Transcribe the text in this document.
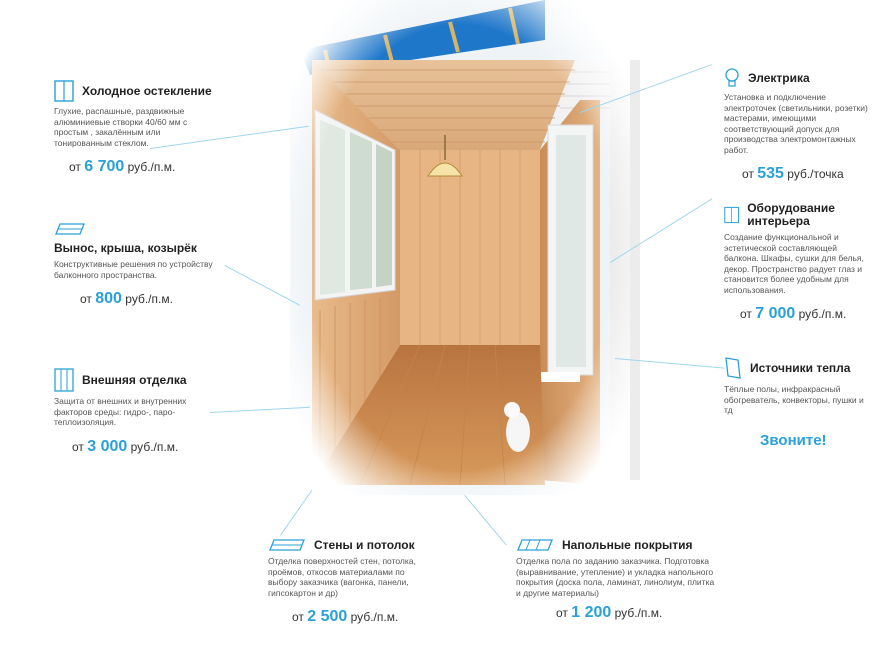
Холодное остекление
Глухие, распашные, раздвижные алюминиевые створки 40/60 мм с простым , закалённым или тонированным стеклом.
от 6 700 руб./п.м.
Вынос, крыша, козырёк
Конструктивные решения по устройству балконного пространства.
от 800 руб./п.м.
Внешняя отделка
Защита от внешних и внутренних факторов среды: гидро-, паро-теплоизоляция.
от 3 000 руб./п.м.
Стены и потолок
Отделка поверхностей стен, потолка, проёмов, откосов материалами по выбору заказчика (вагонка, панели, гипсокартон и др)
от 2 500 руб./п.м.
Напольные покрытия
Отделка пола по заданию заказчика. Подготовка (выравнивание, утепление) и укладка напольного покрытия (доска пола, ламинат, линолиум, плитка и другие материалы)
от 1 200 руб./п.м.
Электрика
Установка и подключение электроточек (светильники, розетки) мастерами, имеющими соответствующий допуск для производства электромонтажных работ.
от 535 руб./точка
Оборудование интерьера
Создание функциональной и эстетической составляющей балкона. Шкафы, сушки для белья, декор. Пространство радует глаз и становится более удобным для использования.
от 7 000 руб./п.м.
Источники тепла
Тёплые полы, инфракрасный обогреватель, конвекторы, пушки и тд
Звоните!
